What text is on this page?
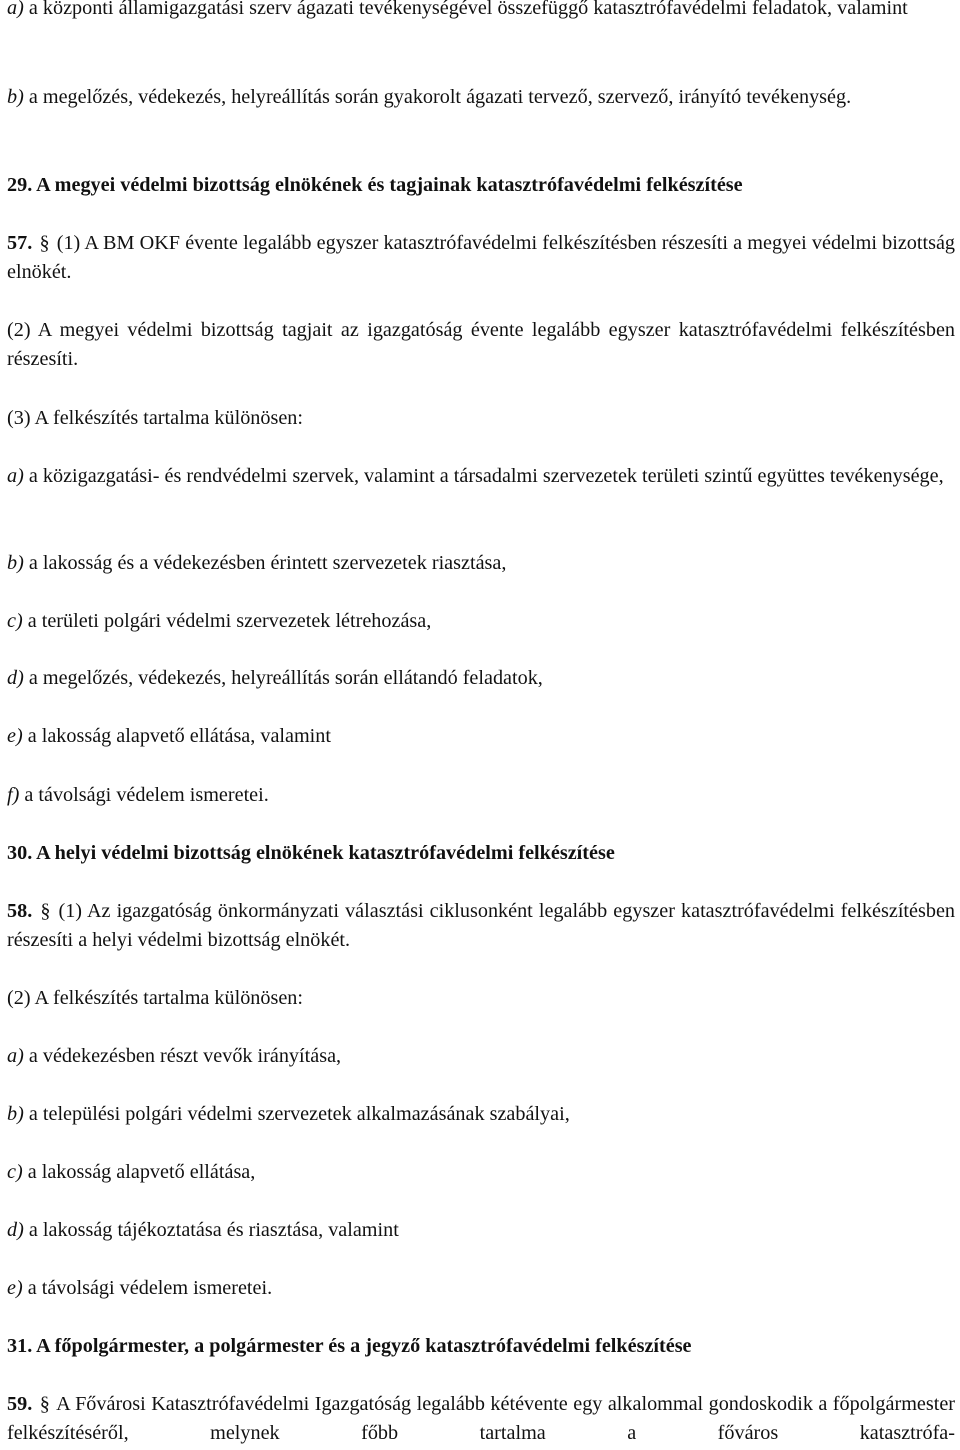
a) a központi államigazgatási szerv ágazati tevékenységével összefüggő katasztrófavédelmi feladatok, valamint

b) a megelőzés, védekezés, helyreállítás során gyakorolt ágazati tervező, szervező, irányító tevékenység.

29. A megyei védelmi bizottság elnökének és tagjainak katasztrófavédelmi felkészítése

57. § (1) A BM OKF évente legalább egyszer katasztrófavédelmi felkészítésben részesíti a megyei védelmi bizottság elnökét.

(2) A megyei védelmi bizottság tagjait az igazgatóság évente legalább egyszer katasztrófavédelmi felkészítésben részesíti.

(3) A felkészítés tartalma különösen:

a) a közigazgatási- és rendvédelmi szervek, valamint a társadalmi szervezetek területi szintű együttes tevékenysége,

b) a lakosság és a védekezésben érintett szervezetek riasztása,

c) a területi polgári védelmi szervezetek létrehozása,

d) a megelőzés, védekezés, helyreállítás során ellátandó feladatok,

e) a lakosság alapvető ellátása, valamint

f) a távolsági védelem ismeretei.

30. A helyi védelmi bizottság elnökének katasztrófavédelmi felkészítése

58. § (1) Az igazgatóság önkormányzati választási ciklusonként legalább egyszer katasztrófavédelmi felkészítésben részesíti a helyi védelmi bizottság elnökét.

(2) A felkészítés tartalma különösen:

a) a védekezésben részt vevők irányítása,

b) a települési polgári védelmi szervezetek alkalmazásának szabályai,

c) a lakosság alapvető ellátása,

d) a lakosság tájékoztatása és riasztása, valamint

e) a távolsági védelem ismeretei.

31. A főpolgármester, a polgármester és a jegyző katasztrófavédelmi felkészítése

59. § A Fővárosi Katasztrófavédelmi Igazgatóság legalább kétévente egy alkalommal gondoskodik a főpolgármester felkészítéséről, melynek főbb tartalma a főváros katasztrófa-
